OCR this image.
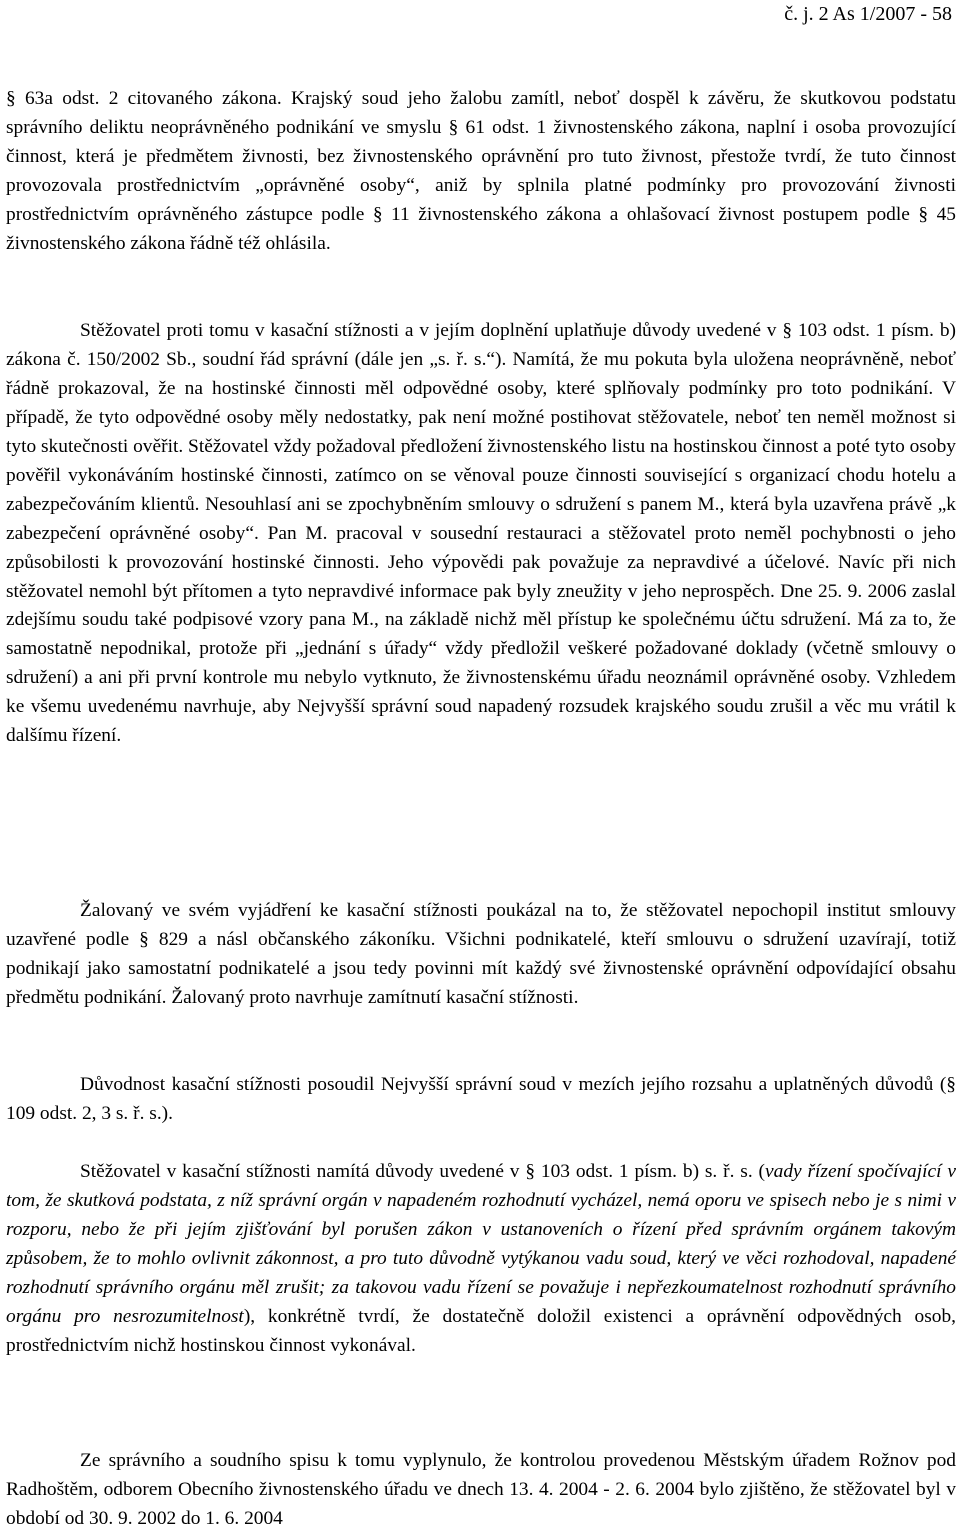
č. j. 2 As 1/2007 - 58

§ 63a odst. 2 citovaného zákona. Krajský soud jeho žalobu zamítl, neboť dospěl k závěru, že skutkovou podstatu správního deliktu neoprávněného podnikání ve smyslu § 61 odst. 1 živnostenského zákona, naplní i osoba provozující činnost, která je předmětem živnosti, bez živnostenského oprávnění pro tuto živnost, přestože tvrdí, že tuto činnost provozovala prostřednictvím „oprávněné osoby“, aniž by splnila platné podmínky pro provozování živnosti prostřednictvím oprávněného zástupce podle § 11 živnostenského zákona a ohlašovací živnost postupem podle § 45 živnostenského zákona řádně též ohlásila.

Stěžovatel proti tomu v kasační stížnosti a v jejím doplnění uplatňuje důvody uvedené v § 103 odst. 1 písm. b) zákona č. 150/2002 Sb., soudní řád správní (dále jen „s. ř. s.“). Namítá, že mu pokuta byla uložena neoprávněně, neboť řádně prokazoval, že na hostinské činnosti měl odpovědné osoby, které splňovaly podmínky pro toto podnikání. V případě, že tyto odpovědné osoby měly nedostatky, pak není možné postihovat stěžovatele, neboť ten neměl možnost si tyto skutečnosti ověřit. Stěžovatel vždy požadoval předložení živnostenského listu na hostinskou činnost a poté tyto osoby pověřil vykonáváním hostinské činnosti, zatímco on se věnoval pouze činnosti související s organizací chodu hotelu a zabezpečováním klientů. Nesouhlasí ani se zpochybněním smlouvy o sdružení s panem M., která byla uzavřena právě „k zabezpečení oprávněné osoby“. Pan M. pracoval v sousední restauraci a stěžovatel proto neměl pochybnosti o jeho způsobilosti k provozování hostinské činnosti. Jeho výpovědi pak považuje za nepravdivé a účelové. Navíc při nich stěžovatel nemohl být přítomen a tyto nepravdivé informace pak byly zneužity v jeho neprospěch. Dne 25. 9. 2006 zaslal zdejšímu soudu také podpisové vzory pana M., na základě nichž měl přístup ke společnému účtu sdružení. Má za to, že samostatně nepodnikal, protože při „jednání s úřady“ vždy předložil veškeré požadované doklady (včetně smlouvy o sdružení) a ani při první kontrole mu nebylo vytknuto, že živnostenskému úřadu neoznámil oprávněné osoby. Vzhledem ke všemu uvedenému navrhuje, aby Nejvyšší správní soud napadený rozsudek krajského soudu zrušil a věc mu vrátil k dalšímu řízení.

Žalovaný ve svém vyjádření ke kasační stížnosti poukázal na to, že stěžovatel nepochopil institut smlouvy uzavřené podle § 829 a násl občanského zákoníku. Všichni podnikatelé, kteří smlouvu o sdružení uzavírají, totiž podnikají jako samostatní podnikatelé a jsou tedy povinni mít každý své živnostenské oprávnění odpovídající obsahu předmětu podnikání. Žalovaný proto navrhuje zamítnutí kasační stížnosti.

Důvodnost kasační stížnosti posoudil Nejvyšší správní soud v mezích jejího rozsahu a uplatněných důvodů (§ 109 odst. 2, 3 s. ř. s.).

Stěžovatel v kasační stížnosti namítá důvody uvedené v § 103 odst. 1 písm. b) s. ř. s. (vady řízení spočívající v tom, že skutková podstata, z níž správní orgán v napadeném rozhodnutí vycházel, nemá oporu ve spisech nebo je s nimi v rozporu, nebo že při jejím zjišťování byl porušen zákon v ustanoveních o řízení před správním orgánem takovým způsobem, že to mohlo ovlivnit zákonnost, a pro tuto důvodně vytýkanou vadu soud, který ve věci rozhodoval, napadené rozhodnutí správního orgánu měl zrušit; za takovou vadu řízení se považuje i nepřezkoumatelnost rozhodnutí správního orgánu pro nesrozumitelnost), konkrétně tvrdí, že dostatečně doložil existenci a oprávnění odpovědných osob, prostřednictvím nichž hostinskou činnost vykonával.

Ze správního a soudního spisu k tomu vyplynulo, že kontrolou provedenou Městským úřadem Rožnov pod Radhoštěm, odborem Obecního živnostenského úřadu ve dnech 13. 4. 2004 - 2. 6. 2004 bylo zjištěno, že stěžovatel byl v období od 30. 9. 2002 do 1. 6. 2004
